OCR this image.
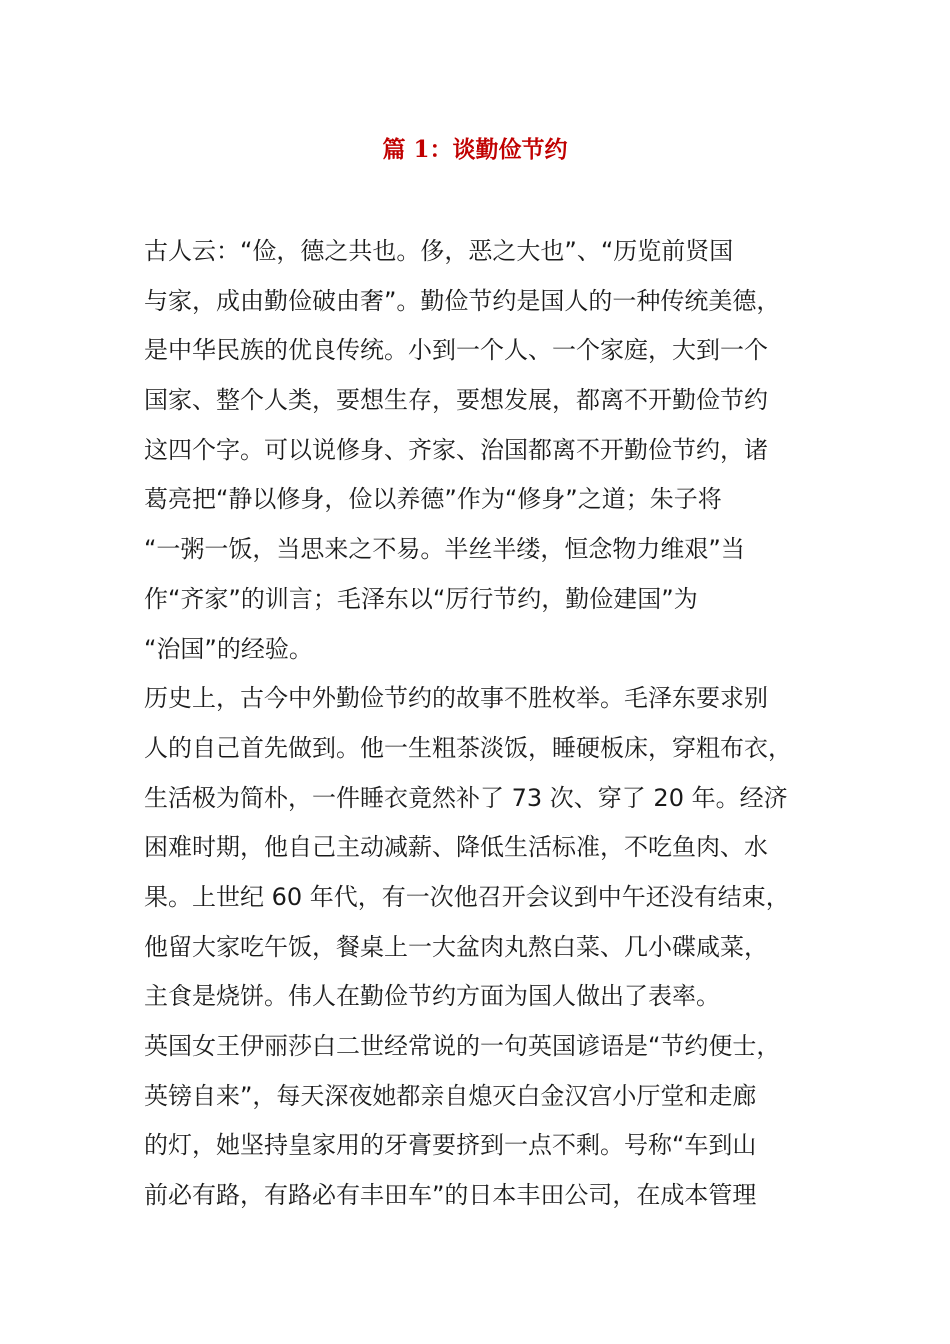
篇 1：谈勤俭节约
古人云：“俭，德之共也。侈，恶之大也”、“历览前贤国
与家，成由勤俭破由奢”。勤俭节约是国人的一种传统美德，
是中华民族的优良传统。小到一个人、一个家庭，大到一个
国家、整个人类，要想生存，要想发展，都离不开勤俭节约
这四个字。可以说修身、齐家、治国都离不开勤俭节约，诸
葛亮把“静以修身，俭以养德”作为“修身”之道；朱子将
“一粥一饭，当思来之不易。半丝半缕，恒念物力维艰”当
作“齐家”的训言；毛泽东以“厉行节约，勤俭建国”为
“治国”的经验。
历史上，古今中外勤俭节约的故事不胜枚举。毛泽东要求别
人的自己首先做到。他一生粗茶淡饭，睡硬板床，穿粗布衣，
生活极为简朴，一件睡衣竟然补了 73 次、穿了 20 年。经济
困难时期，他自己主动减薪、降低生活标准，不吃鱼肉、水
果。上世纪 60 年代，有一次他召开会议到中午还没有结束，
他留大家吃午饭，餐桌上一大盆肉丸熬白菜、几小碟咸菜，
主食是烧饼。伟人在勤俭节约方面为国人做出了表率。
英国女王伊丽莎白二世经常说的一句英国谚语是“节约便士，
英镑自来”，每天深夜她都亲自熄灭白金汉宫小厅堂和走廊
的灯，她坚持皇家用的牙膏要挤到一点不剩。号称“车到山
前必有路，有路必有丰田车”的日本丰田公司，在成本管理
